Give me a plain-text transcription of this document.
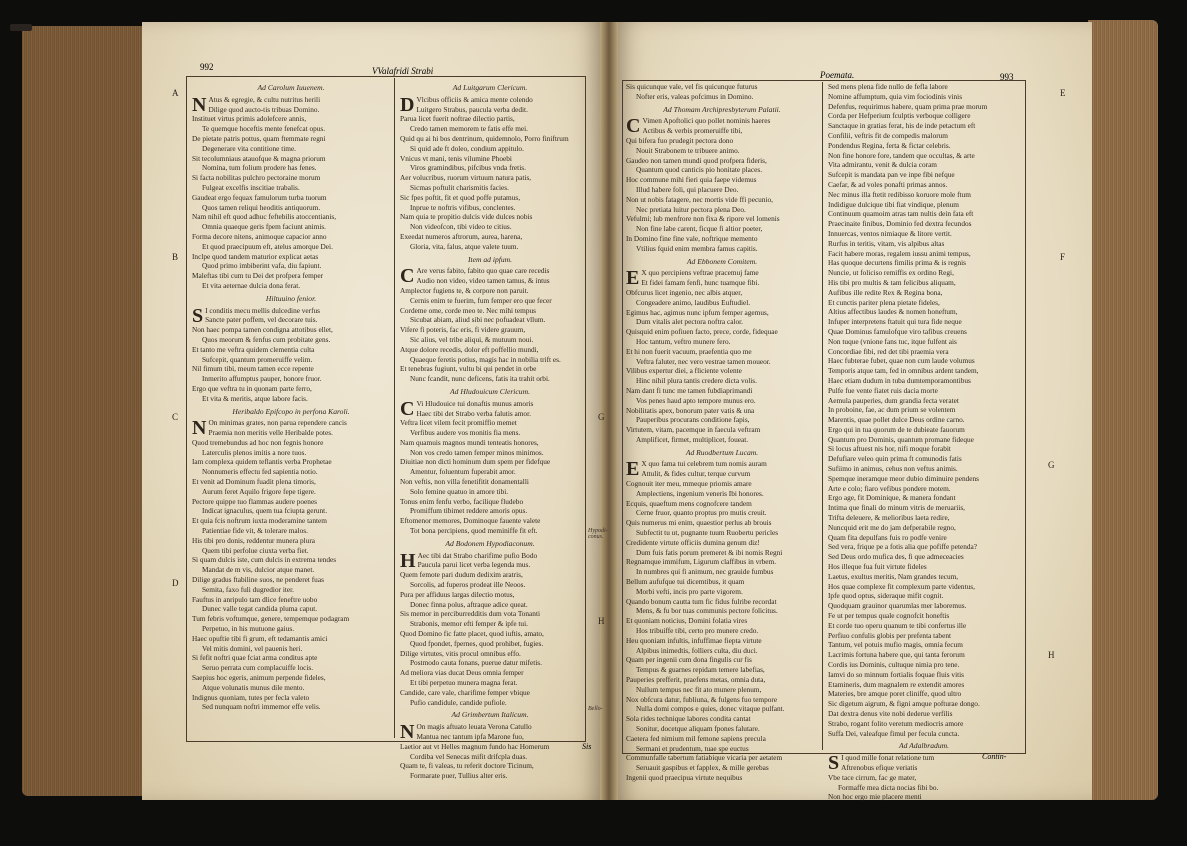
992	VValafridi Strabi	Poemata.	993
A
B
C
D
Hypodi-conus.
Bello-
Sis
E
F
G
G
H
H
Contin-
Ad Carolum Iuuenem.
N Atus & egregie, & cultu nutritus herili
Dilige quod aucto-tis tribuas Domino.
Instituet virtus primis adolefcere annis,
Te quemque hoceftis mente fenefcat opus.
De pietate patris pottus, quam ftemmate regni
Degenerare vita contitione time.
Sit tecolumniaus atauofque & magna priorum
Nomina, tum folium prodere has fenes.
Si facta nobilitas pulchro pectoraine morum
Fulgeat excelfis inscitiae trabalis.
Gaudeat ergo fequax famulorum turba tuorum
Quos tamen reliqui heoditis antiquorum.
Nam nihil eft quod adhuc feftebilis atoccentianis,
Omnia quaeque geris fpem faciunt animis.
Forma decore nitens, animoque capacior anno
Et quod praecipuum eft, atelus amorque Dei.
Inclpe quod tandem maturior explicat aetas
Quod primo imbiberint vafa, diu fapiunt.
Maleftas tibi cum tu Dei det profpera femper
Et vita aeternae dulcia dona ferat.
Hiltuuino fenior.
S I conditis mecu mellis dulcedine verfus
Sancte pater poffem, vel decorare tuis.
Non haec pompa tamen condigna attotibus ellet,
Quos meorum & fenfus cum probitate gens.
Et tanto me veftra quidem clementia culta
Sufcepit, quantum promeruiffe velim.
Nil fimum tibi, meum tamen ecce repente
Inmerito affumptus pauper, honore fruor.
Ergo que veftra tu in quonam parte ferro,
Et vita & meritis, atque labore facis.
Heribaldo Epifcopo in perfona Karoli.
N On minimas grates, non parua rependere cancis
Praemia non meritis velle Heribalde potes.
Quod tremebundus ad hoc non fegnis honore
Laterculis plenos imitis a nore tuos.
Iam complexa quidem teflantis verba Prophetae
Nonnumeris effectu fed sapientia notio.
Et venit ad Dominum fuadit plena timoris,
Aurum feret Aquilo frigore fepe tigere.
Pectore quippe tuo flammas audere poenes
Indicat ignaculus, quem tua fciupta gerunt.
Et quia fcis noftrum iuxta moderamine tantem
Patientiae fide vit, & tolerare malos.
His tibi pro donis, reddentur munera plura
Quem tibi perfolue ciuxta verba fiet.
Si quam dulcis iste, cum dulcis in extrema tendes
Mandat de m vis, dulcior atque manet.
Dilige gradus ftabiline suos, ne penderet fuas
Semita, faxo fuli dugredior iter.
Fauftus in anripulo tam dlice feneftre uobo
Dunec valle tegat candida pluma caput.
Tum febris voftumque, genere, tempemque podagram
Perpetuo, in his mutuone gaius.
Haec opuftie tibi fi grum, eft tedamantis amici
Vel mitis domini, vel pauenis heri.
Si fefit noftri quae fciat arma conditus apte
Seruo perrata cum complacuiffe locis.
Saepius hoc egeris, animum perpende fideles,
Atque volunatis munus dile mento.
Indignus quoniam, tutes per fecla valeto
Sed nunquam noftri immemor effe velis.
Ad Luitgarum Clericum.
D Vlcibus officiis & amica mente colendo
Luitgero Strabus, paucula verba dedit.
Parua licet fuerit noftrae dilectio partis,
Credo tamen memorem te fatis effe mei.
Quid qu ai hi bos dentrinum, quidemnolo, Porro finiftrum
Si quid ade ft doleo, condium appitulo.
Vnicus vt mani, tenis vilumine Phoebi
Viros gramindibus, pifcibus vnda fretis.
Aer volucribus, ruorum virtuum natura patis,
Sicmas poftulit charismitis facies.
Sic fpes poftit, fit et quod poffe putamus,
Inprue te noftris vifibus, conclentes.
Nam quia te propitio dulcis vide dulces nobis
Non videofcon, tibi video te citius.
Exeedat numeros aftrorum, aurea, harena,
Gloria, vita, falus, atque valete tuum.
Item ad ipfum.
C Are verus fabito, fabito quo quae care recedis
Audio non video, video tamen tamus, & intus
Amplector fugiens te, & corpore non paruit.
Cernis enim te fuerim, fum femper ero que fecer
Cordeme ome, corde meo te. Nec mihi tempus
Sicubat abiam, aliud sibi nec pofuadeat vllum.
Vifere fi poteris, fac eris, fi videre grauum,
Sic alius, vel tribe aliqui, & mutuum noui.
Atque dolore recedis, dolor eft poffellio mundi,
Quaeque feretis potius, magis hac in nobilia trift es.
Et tenebras fugiunt, vultu bi qui pendet in orbe
Nunc fcandit, nunc deficens, fatis ita trahit orbi.
Ad Hludouicum Clericum.
C Vi Hludouice tui donaftis munus amoris
Haec tibi det Strabo verba falutis amor.
Veftra licet vilem fecit promiffio memet
Verfibus audere vos monitis fia mens.
Nam quamuis magnos mundi tenteatis honores,
Non vos credo tamen femper minos minimos.
Diuitiae non dicti hominum dum spem per fidefque
Amentur, foluentum fuperabit amor.
Non veftis, non villa fenetifitit donamentalli
Solo femine quatuo in amore tibi.
Tonus enim fenfu verbo, facilique fludebo
Promiffum tibimet reddere amoris opus.
Eftomenor memores, Dominoque fauente valete
Tot bona percipiens, quod meminiffe fit eft.
Ad Bodonem Hypodiaconum.
H Aec tibi dat Strabo charifime pufio Bodo
Paucula parui licet verba legenda mus.
Quem femote pari dudum dedixim aratris,
Sorcolis, ad fuperos prodeat ille Neoos.
Pura per affiduus largas dilectio motus,
Donec finna polus, aftraque adice queat.
Sis memor in perciburredditis dum vota Tonanti
Strabonis, memor efti femper & ipfe tui.
Quod Domino fic fatte placet, quod iuftis, amato,
Quod fpondet, fpernes, quod prohibet, fugies.
Dilige virtutes, vitis procul omnibus effo.
Postmodo cauta fonans, puerue datur mifetis.
Ad meliora vias ducat Deus omnia femper
Et tibi perpetuo munera magna ferat.
Candide, care vale, charifime femper vbique
Pufio candidule, candide pufiole.
Ad Grimbertum Italicum.
N On magis aftuato leuata Verona Catullo
Mantua nec tantum ipfa Marone fuo,
Laetior aut vt Helles magnum fundo hac Homerum
Cordiba vel Senecas mifit drifcpla duas.
Quam te, fi valeas, tu referit doctore Ticinum,
Formarate puer, Tullius alter eris.
Sis quicunque vale, vel fis quicunque futurus
Nofter eris, valeas pofcimus in Domino.
Ad Thomam Archipresbyterum Palatii.
C Vimen Apoftolici quo pollet nominis haeres
Actibus & verbis promeruiffe tibi,
Qui bifera fuo prudegit pectora dono
Nouit Strabonem te tribuere animo.
Gaudeo non tamen mundi quod profpera fideris,
Quantum quod canticis pio honitate places.
Hoc commune mihi fieri quia faepe videmus
Illud habere foli, qui placuere Deo.
Non ut nobis fatagere, nec mortis vide ffi pecunio,
Nec pretiata luitur pectora plena Deo.
Vefulmi; lub menfrore non fixa & ripore vel lomenis
Non fine labe carent, ficque fi altior poeter,
In Domino fine fine vale, noftrique memento
Vtilius fquid enim membra famus capitis.
Ad Ebbonem Comitem.
E X quo percipiens veftrae pracemuj fame
Et fidei famam fenfi, hunc tuamque fibi.
Obfcurus licet ingenio, nec albis atquer,
Congeadere animo, laudibus Euftudiel.
Egimus hac, agimus nunc ipfum femper agemus,
Dum vitalis alet pectora noftra calor.
Quisquid enim pofiuen facto, prece, corde, fidequae
Hoc tantum, veftro munere fero.
Et hi non fuerit vacuum, praefentia quo me
Veftra faluter, nec vero vestrae tamen moueor.
Vilibus expertur diei, a fliciente volente
Hinc nihil plura tantis credere dicta volis.
Nam dant fi tunc me tamen fubdiaprimandi
Vos penes haud apto tempore munus ero.
Nobilitatis apex, bonorum pater vatis & una
Pauperibus procurans conditione fapis,
Virtutem, vitam, pacemque in faecula veftram
Amplificet, firmet, multiplicet, foueat.
Ad Ruodbertum Lucam.
E X quo fama tui celebrem tum nomis auram
Attulit, & fides cultur, terque curvum
Cognouit iter meu, mmeque priomis amare
Amplectiens, ingenium veneris Ibi honores.
Ecquis, quaeftum mens cognofcere tandem
Cerne fruor, quanto proptus pro mutis creuit.
Quis numerus mi enim, quaestior perlus ab brouis
Subfectit tu ut, pugnante tuum Ruobertu pericles
Credidente virtute officiis dumina genum diz!
Dum fuis fatis porum premeret & ibi nomis Regni
Regnamque immifum, Ligurum claffibus in vrbem.
In numbres qui fi animum, nec grauide fumbus
Bellum aufufque tui dicemtibus, it quam
Morbi vefti, incis pro parte vigorem.
Quando bonum cautta tum fic fidus fulribe recordat
Mens, & fu bor tuas communis pectore folicitus.
Et quoniam noticius, Domini folatia vires
Hos tribuiffe tibi, certo pro munere credo.
Heu quoniam infultis, infuffimae fiepta virtute
Alpibus inimedtis, folliers culta, diu duci.
Quam per ingenii cum dona fingulis cur fis
Tempus & guarnes repidam temere labefias,
Pauperies prefferit, praefens metas, omnia duta,
Nullum tempus nec fit ato munere plenum,
Nox obfcura datur, fubliuna, & fulgens fuo tempore
Nulla domi compos e quies, donec vitaque pulfant.
Sola rides technique labores condita cantat
Sonitur, docetque aliquam fpones falutare.
Caetera fed nimium mil femone sapiens precula
Sermani et prudentum, tuae spe euctus
Communfalle tabertum fatiabique vicaria per aetatem
Seruauit gaspibus et fapplex, & mille gerebas
Ingenii quod praecipua virtute nequibus
Sed mens plena fide nullo de fefla labore
Nomine affumptum, quia vim fociodinis vinis
Defenfus, requirimus habere, quam prima prae morum
Corda per Hefperium fculptis verboque colligere
Sanctaque in gratias ferat, his de inde petactum eft
Confilii, veftris fit de compedis malorum
Pondendus Regina, ferta & fictar celebris.
Non fine honore fore, tandem que occultas, & arte
Vita admirantu, venit & dulcia coram
Sufcepit is mandata pan ve inpe fibi nefque
Caefar, & ad voles ponafti primas annos.
Nec minus illa ftetit redibisso koruore mole ftum
Indidigue dulcique tibi fiat vindique, plenum
Continuum quamoim atras tam nultis dein fata eft
Praecinaite finibus, Dominio fed dextra fecundos
Innuercas, ventos nimiaque & litore vertit.
Rurfus in teritis, vitam, vis alpibus altas
Facit habere moras, regalem iussu animi tempus,
Has quoque decurtens fimilis prima & is regnis
Nuncie, ut foliciso remiffis ex ordino Regi,
His tibi pro multis & tam felicibus aliquam,
Aufibus ille redite Rex & Regina bona,
Et cunctis pariter plena pietate fideles,
Altius affectibus laudes & nomen honeftum,
Infuper interpretens ftatuit qui tura fide neque
Quae Dominus famulofque viro tafibus creuens
Non tuque (vnione fans tuc, itque fulfent ais
Concordiae fibi, red det tibi praemia vera
Haec fubterae fubet, quae non cum laude volumus
Temporis atque tam, fed in omnibus ardent tandem,
Haec etiam dudum in tuba dumtemporamontibus
Pulfe fue vente fiatet ruis dacia morte
Aemula pauperies, dum grandia fecta veratet
In proboine, fae, ac dum prium se volentem
Marentis, quae pollet dulce Deus ordine carno.
Ergo qui in tua quorum de te dubieate fauorum
Quantum pro Dominis, quantum promane fideque
Si locus aftuest nis hor, nifi moque forabit
Defufiare veleo quin prima ft comunodis fatis
Sufiimo in animus, cehus non veftus animis.
Spemque ineramque meor dubio diminuire pendens
Arte e colo; fiaro vefibus pondere motem.
Ergo age, fit Dominique, & manera fondant
Intima que finali do minum vitris de meruariis,
Trifta deleuere, & melioribus laeta redire,
Nuncquid erit me do jam defperabile regno,
Quam fita depulfans fuis ro podfe venire
Sed vera, frique pe a fotis alia que pofiffe petenda?
Sed Deus ordo mufica des, fi que admeceacies
Hos illeque fua fuit virtute fideles
Laetus, exultus meritis, Nam grandes tecum,
Hos quae complexe fit complexum parte videntus,
Ipfe quod optus, sideraque mifit cognit.
Quodquam grauinor quarumlas mer laboremus.
Fe ut per tempus quale cognofcit honeftis
Et corde tuo operu quanum te tibi confertus ille
Perfiuo confulis globis per prefenta tabent
Tantum, vel potuis mufio magis, omnia fecum
Lacrimis fortuna habere que, qui tanta ferorum
Cordis ius Dominis, cultuque nimia pro tene.
Iamvi do so minnum fortialis foquae fluis vitis
Etamineris, dum magnalem re extendit amores
Materies, bre amque poret cliniffe, quod ultro
Sic digetum aigrum, & figni amque pofturae dongo.
Dat dextra denus vite nobi dederue verfilis
Strabo, rogant folito veretum mediocris amore
Suffa Dei, valeafque fimul per fecula cuncta.
Ad Adalbradum.
S I quod mille fonat relatione tum
Aftrenobus efique veriatis
Vbe tace cirrum, fac ge mater,
Formaffe mea dicta nocias fibi bo.
Non hoc ergo mie placere menti
